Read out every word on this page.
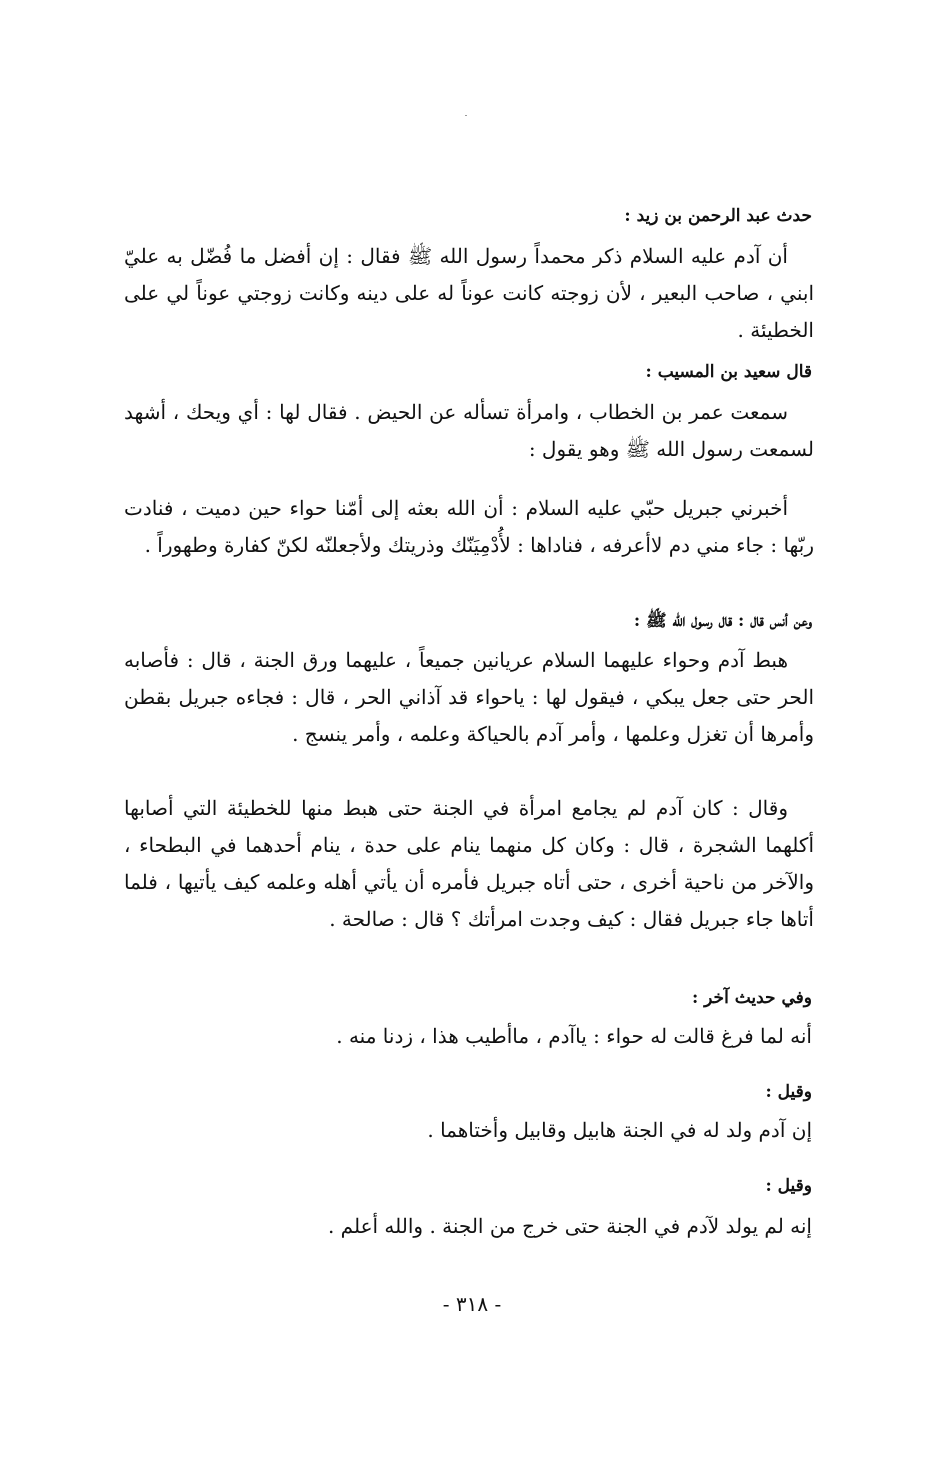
حدث عبد الرحمن بن زيد :

أن آدم عليه السلام ذكر محمداً رسول الله ﷺ فقال : إن أفضل ما فُضّل به عليّ ابني ، صاحب البعير ، لأن زوجته كانت عوناً له على دينه وكانت زوجتي عوناً لي على الخطيئة .

قال سعيد بن المسيب :

سمعت عمر بن الخطاب ، وامرأة تسأله عن الحيض . فقال لها : أي ويحك ، أشهد لسمعت رسول الله ﷺ وهو يقول :

أخبرني جبريل حبّي عليه السلام : أن الله بعثه إلى أمّنا حواء حين دميت ، فنادت ربّها : جاء مني دم لاأعرفه ، فناداها : لأُدْمِيَنّك وذريتك ولأجعلنّه لكنّ كفارة وطهوراً .

وعن أنس قال : قال رسول الله ﷺ :

هبط آدم وحواء عليهما السلام عريانين جميعاً ، عليهما ورق الجنة ، قال : فأصابه الحر حتى جعل يبكي ، فيقول لها : ياحواء قد آذاني الحر ، قال : فجاءه جبريل بقطن وأمرها أن تغزل وعلمها ، وأمر آدم بالحياكة وعلمه ، وأمر ينسج .

وقال : كان آدم لم يجامع امرأة في الجنة حتى هبط منها للخطيئة التي أصابها أكلهما الشجرة ، قال : وكان كل منهما ينام على حدة ، ينام أحدهما في البطحاء ، والآخر من ناحية أخرى ، حتى أتاه جبريل فأمره أن يأتي أهله وعلمه كيف يأتيها ، فلما أتاها جاء جبريل فقال : كيف وجدت امرأتك ؟ قال : صالحة .

وفي حديث آخر :

أنه لما فرغ قالت له حواء : ياآدم ، ماأطيب هذا ، زدنا منه .

وقيل :

إن آدم ولد له في الجنة هابيل وقابيل وأختاهما .

وقيل :

إنه لم يولد لآدم في الجنة حتى خرج من الجنة . والله أعلم .

- ٣١٨ -
